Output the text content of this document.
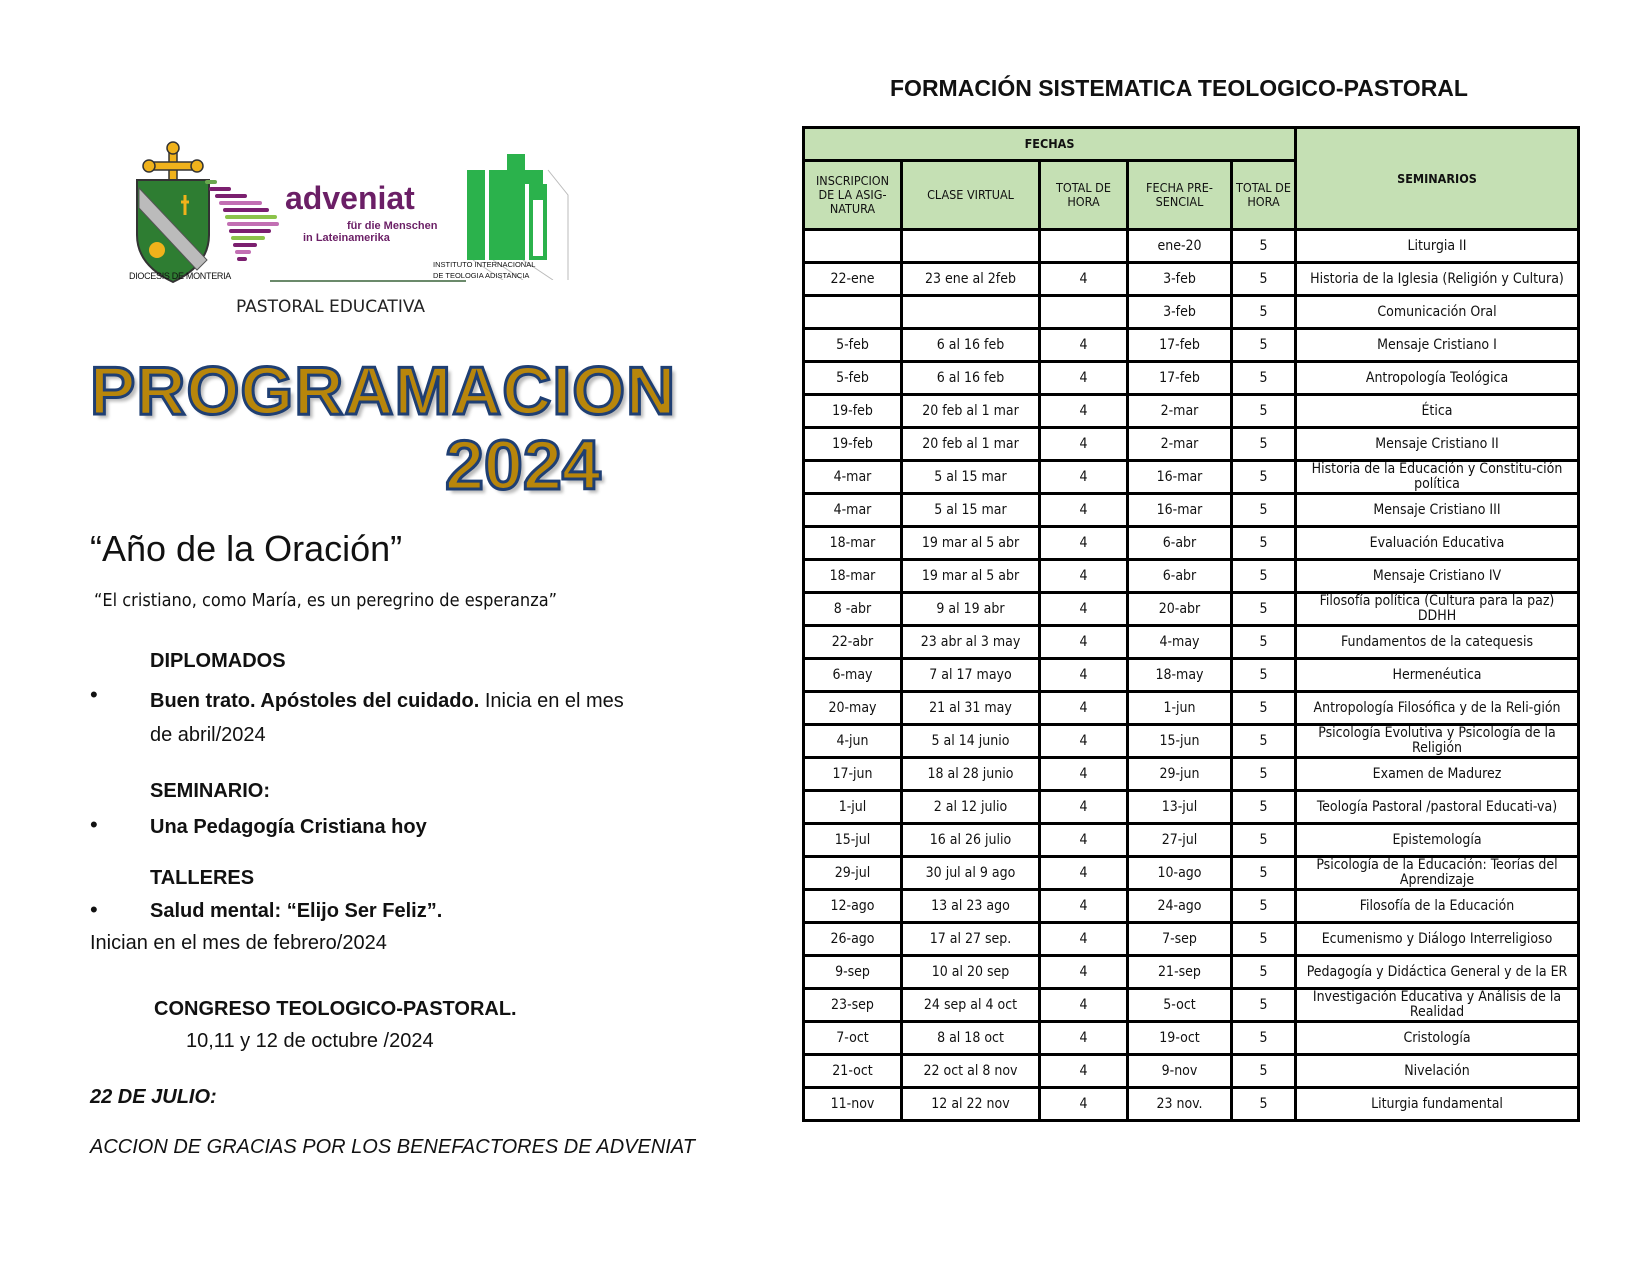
DIOCESIS DE MONTERIA
adveniat
für die Menschen
in Lateinamerika
INSTITUTO INTERNACIONAL
DE TEOLOGIA ADISTANCIA
PASTORAL EDUCATIVA
PROGRAMACION
2024
“Año de la Oración”
“El cristiano, como María, es un peregrino de esperanza”
DIPLOMADOS
•	Buen trato. Apóstoles del cuidado. Inicia en el mes
de abril/2024
SEMINARIO:
•	Una Pedagogía Cristiana hoy
TALLERES
•	Salud mental: “Elijo Ser Feliz”.
Inician en el mes de febrero/2024
CONGRESO TEOLOGICO-PASTORAL.
10,11 y 12 de octubre /2024
22 DE JULIO:
ACCION DE GRACIAS POR LOS BENEFACTORES DE ADVENIAT
FORMACIÓN SISTEMATICA TEOLOGICO-PASTORAL
FECHAS					SEMINARIOS
INSCRIPCION DE LA ASIG-NATURA	CLASE VIRTUAL	TOTAL DE HORA	FECHA PRE-SENCIAL	TOTAL DE HORA	
			ene-20	5	Liturgia II
22-ene	23 ene al 2feb	4	3-feb	5	Historia de la Iglesia (Religión y Cultura)
			3-feb	5	Comunicación Oral
5-feb	6 al 16 feb	4	17-feb	5	Mensaje Cristiano I
5-feb	6 al 16 feb	4	17-feb	5	Antropología Teológica
19-feb	20 feb al 1 mar	4	2-mar	5	Ética
19-feb	20 feb al 1 mar	4	2-mar	5	Mensaje Cristiano II
4-mar	5 al 15 mar	4	16-mar	5	Historia de la Educación y Constitu-ción política
4-mar	5 al 15 mar	4	16-mar	5	Mensaje Cristiano III
18-mar	19 mar al 5 abr	4	6-abr	5	Evaluación Educativa
18-mar	19 mar al 5 abr	4	6-abr	5	Mensaje Cristiano IV
8 -abr	9 al 19 abr	4	20-abr	5	Filosofía política (Cultura para la paz) DDHH
22-abr	23 abr al 3 may	4	4-may	5	Fundamentos de la catequesis
6-may	7 al 17 mayo	4	18-may	5	Hermenéutica
20-may	21 al 31 may	4	1-jun	5	Antropología Filosófica y de la Reli-gión
4-jun	5 al 14 junio	4	15-jun	5	Psicología Evolutiva y Psicología de la Religión
17-jun	18 al 28 junio	4	29-jun	5	Examen de Madurez
1-jul	2 al 12 julio	4	13-jul	5	Teología Pastoral /pastoral Educati-va)
15-jul	16 al 26 julio	4	27-jul	5	Epistemología
29-jul	30 jul al 9 ago	4	10-ago	5	Psicología de la Educación: Teorías del Aprendizaje
12-ago	13 al 23 ago	4	24-ago	5	Filosofía de la Educación
26-ago	17 al 27 sep.	4	7-sep	5	Ecumenismo y Diálogo Interreligioso
9-sep	10 al 20 sep	4	21-sep	5	Pedagogía y Didáctica General y de la ER
23-sep	24 sep al 4 oct	4	5-oct	5	Investigación Educativa y Análisis de la Realidad
7-oct	8 al 18 oct	4	19-oct	5	Cristología
21-oct	22 oct al 8 nov	4	9-nov	5	Nivelación
11-nov	12 al 22 nov	4	23 nov.	5	Liturgia fundamental
